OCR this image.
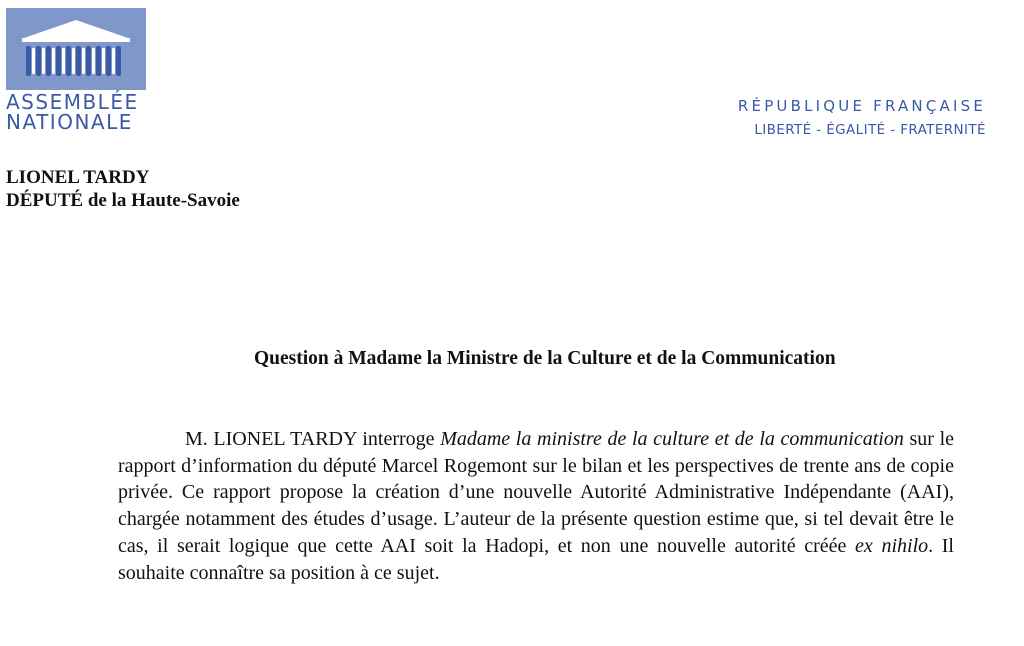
ASSEMBLÉE
NATIONALE
RÉPUBLIQUE FRANÇAISE
LIBERTÉ - ÉGALITÉ - FRATERNITÉ
LIONEL TARDY
DÉPUTÉ de la Haute-Savoie
Question à Madame la Ministre de la Culture et de la Communication

M. LIONEL TARDY interroge Madame la ministre de la culture et de la communication sur le rapport d’information du député Marcel Rogemont sur le bilan et les perspectives de trente ans de copie privée. Ce rapport propose la création d’une nouvelle Autorité Administrative Indépendante (AAI), chargée notamment des études d’usage. L’auteur de la présente question estime que, si tel devait être le cas, il serait logique que cette AAI soit la Hadopi, et non une nouvelle autorité créée ex nihilo. Il souhaite connaître sa position à ce sujet.
